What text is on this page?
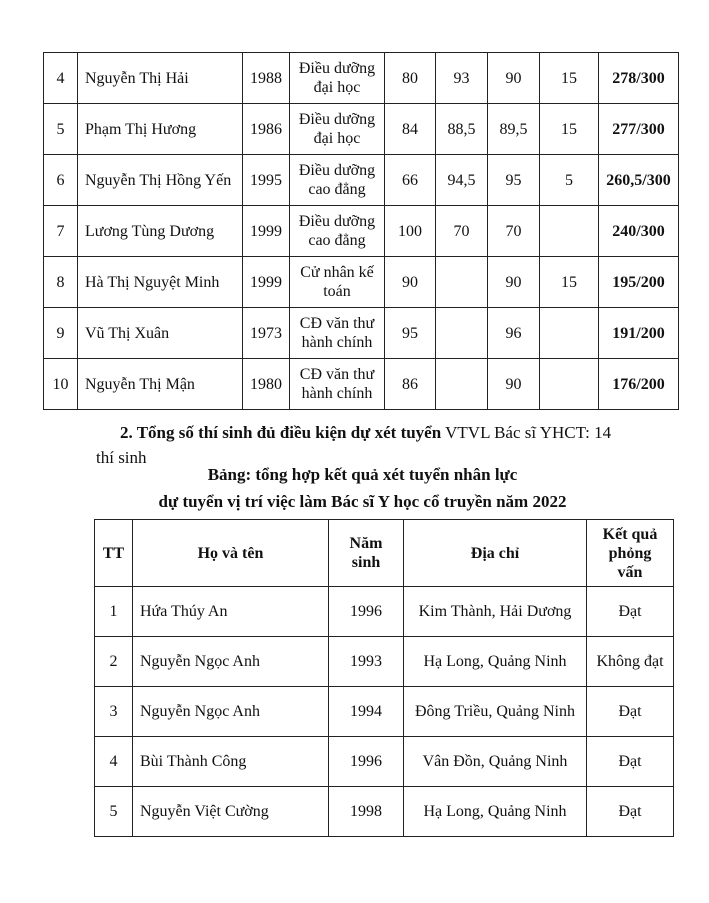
4	Nguyễn Thị Hải	1988	Điều dưỡng
đại học	80	93	90	15	278/300
5	Phạm Thị Hương	1986	Điều dưỡng
đại học	84	88,5	89,5	15	277/300
6	Nguyễn Thị Hồng Yến	1995	Điều dưỡng
cao đẳng	66	94,5	95	5	260,5/300
7	Lương Tùng Dương	1999	Điều dưỡng
cao đẳng	100	70	70		240/300
8	Hà Thị Nguyệt Minh	1999	Cử nhân kế
toán	90		90	15	195/200
9	Vũ Thị Xuân	1973	CĐ văn thư
hành chính	95		96		191/200
10	Nguyễn Thị Mận	1980	CĐ văn thư
hành chính	86		90		176/200
2. Tổng số thí sinh đủ điều kiện dự xét tuyển VTVL Bác sĩ YHCT: 14
thí sinh
Bảng: tổng hợp kết quả xét tuyển nhân lực
dự tuyển vị trí việc làm Bác sĩ Y học cổ truyền năm 2022
TT	Họ và tên	Năm
sinh	Địa chỉ	Kết quả
phỏng
vấn
1	Hứa Thúy An	1996	Kim Thành, Hải Dương	Đạt
2	Nguyễn Ngọc Anh	1993	Hạ Long, Quảng Ninh	Không đạt
3	Nguyễn Ngọc Anh	1994	Đông Triều, Quảng Ninh	Đạt
4	Bùi Thành Công	1996	Vân Đồn, Quảng Ninh	Đạt
5	Nguyễn Việt Cường	1998	Hạ Long, Quảng Ninh	Đạt
